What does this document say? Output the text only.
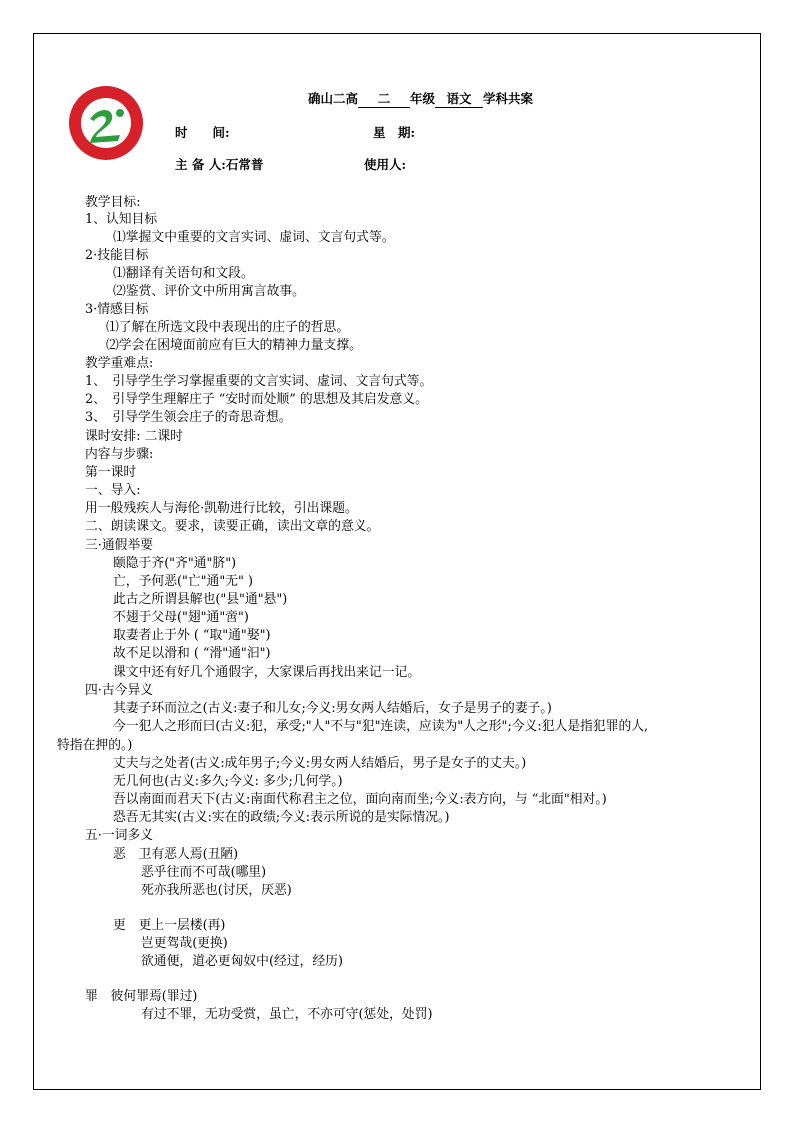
确山二高 二 年级 语文 学科共案
时　　间:	星　期:
主 备 人:石常普	使用人:
教学目标:
1、认知目标
⑴掌握文中重要的文言实词、虚词、文言句式等。
2·技能目标
⑴翻译有关语句和文段。
⑵鉴赏、评价文中所用寓言故事。
3·情感目标
⑴了解在所选文段中表现出的庄子的哲思。
⑵学会在困境面前应有巨大的精神力量支撑。
教学重难点:
1、　引导学生学习掌握重要的文言实词、虚词、文言句式等。
2、　引导学生理解庄子 “安时而处顺” 的思想及其启发意义。
3、　引导学生领会庄子的奇思奇想。
课时安排: 二课时
内容与步骤:
第一课时
一、导入:
用一般残疾人与海伦·凯勒进行比较，引出课题。
二、朗读课文。要求，读要正确，读出文章的意义。
三·通假举要
颐隐于齐("齐"通"脐")
亡，予何恶("亡"通"无" )
此古之所谓县解也("县"通"悬")
不翅于父母("翅"通"啻")
取妻者止于外 ( “取"通"娶")
故不足以滑和 ( “滑"通"汩")
课文中还有好几个通假字，大家课后再找出来记一记。
四·古今异义
其妻子环而泣之(古义:妻子和儿女;今义:男女两人结婚后，女子是男子的妻子。)
今一犯人之形而曰(古义:犯，承受;"人"不与"犯"连读，应读为"人之形";今义:犯人是指犯罪的人,
特指在押的。)
丈夫与之处者(古义:成年男子;今义:男女两人结婚后，男子是女子的丈夫。)
无几何也(古义:多久;今义: 多少;几何学。)
吾以南面而君天下(古义:南面代称君主之位，面向南而坐;今义:表方向，与 “北面"相对。)
恐吾无其实(古义:实在的政绩;今义:表示所说的是实际情况。)
五·一词多义
恶　卫有恶人焉(丑陋)
恶乎往而不可哉(哪里)
死亦我所恶也(讨厌，厌恶)
更　更上一层楼(再)
岂更驾哉(更换)
欲通便，道必更匈奴中(经过，经历)
罪　彼何罪焉(罪过)
有过不罪，无功受赏，虽亡，不亦可守(惩处，处罚)
